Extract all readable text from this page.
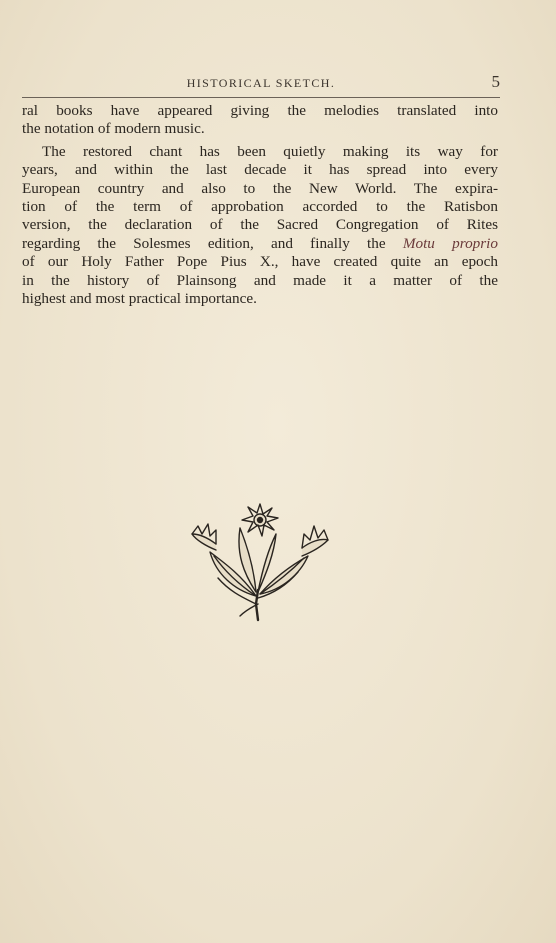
HISTORICAL SKETCH.	5

ral books have appeared giving the melodies translated into
the notation of modern music.

The restored chant has been quietly making its way for
years, and within the last decade it has spread into every
European country and also to the New World. The expira-
tion of the term of approbation accorded to the Ratisbon
version, the declaration of the Sacred Congregation of Rites
regarding the Solesmes edition, and finally the Motu proprio
of our Holy Father Pope Pius X., have created quite an epoch
in the history of Plainsong and made it a matter of the
highest and most practical importance.
